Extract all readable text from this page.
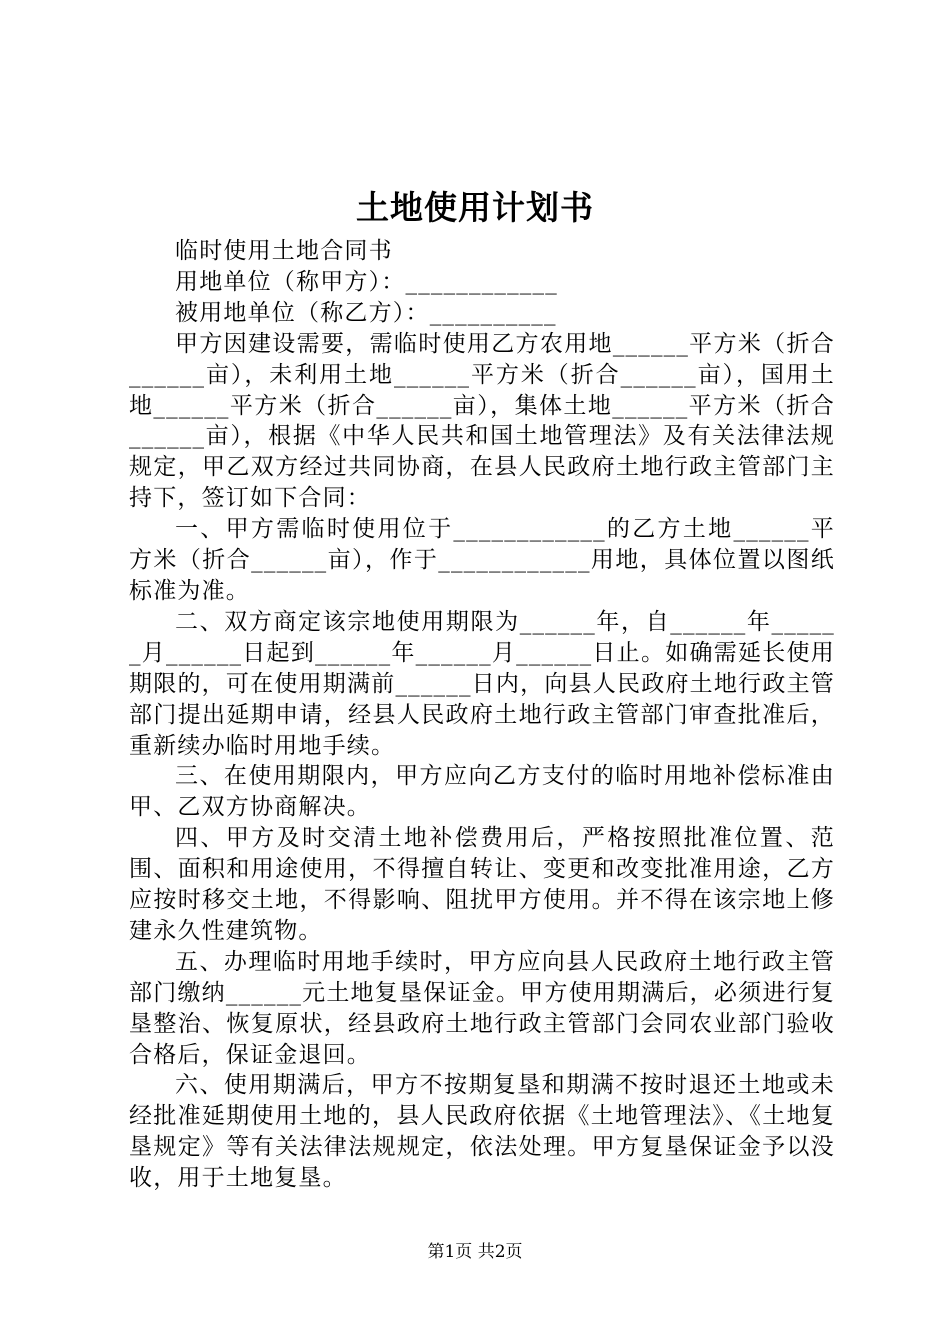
土地使用计划书

临时使用土地合同书

用地单位（称甲方）：____________

被用地单位（称乙方）：__________

甲方因建设需要，需临时使用乙方农用地______平方米（折合______亩），未利用土地______平方米（折合______亩），国用土地______平方米（折合______亩），集体土地______平方米（折合______亩），根据《中华人民共和国土地管理法》及有关法律法规规定，甲乙双方经过共同协商，在县人民政府土地行政主管部门主持下，签订如下合同：

一、甲方需临时使用位于____________的乙方土地______平方米（折合______亩），作于____________用地，具体位置以图纸标准为准。

二、双方商定该宗地使用期限为______年，自______年______月______日起到______年______月______日止。如确需延长使用期限的，可在使用期满前______日内，向县人民政府土地行政主管部门提出延期申请，经县人民政府土地行政主管部门审查批准后，重新续办临时用地手续。

三、在使用期限内，甲方应向乙方支付的临时用地补偿标准由甲、乙双方协商解决。

四、甲方及时交清土地补偿费用后，严格按照批准位置、范围、面积和用途使用，不得擅自转让、变更和改变批准用途，乙方应按时移交土地，不得影响、阻扰甲方使用。并不得在该宗地上修建永久性建筑物。

五、办理临时用地手续时，甲方应向县人民政府土地行政主管部门缴纳______元土地复垦保证金。甲方使用期满后，必须进行复垦整治、恢复原状，经县政府土地行政主管部门会同农业部门验收合格后，保证金退回。

六、使用期满后，甲方不按期复垦和期满不按时退还土地或未经批准延期使用土地的，县人民政府依据《土地管理法》、《土地复垦规定》等有关法律法规规定，依法处理。甲方复垦保证金予以没收，用于土地复垦。

第1页 共2页
